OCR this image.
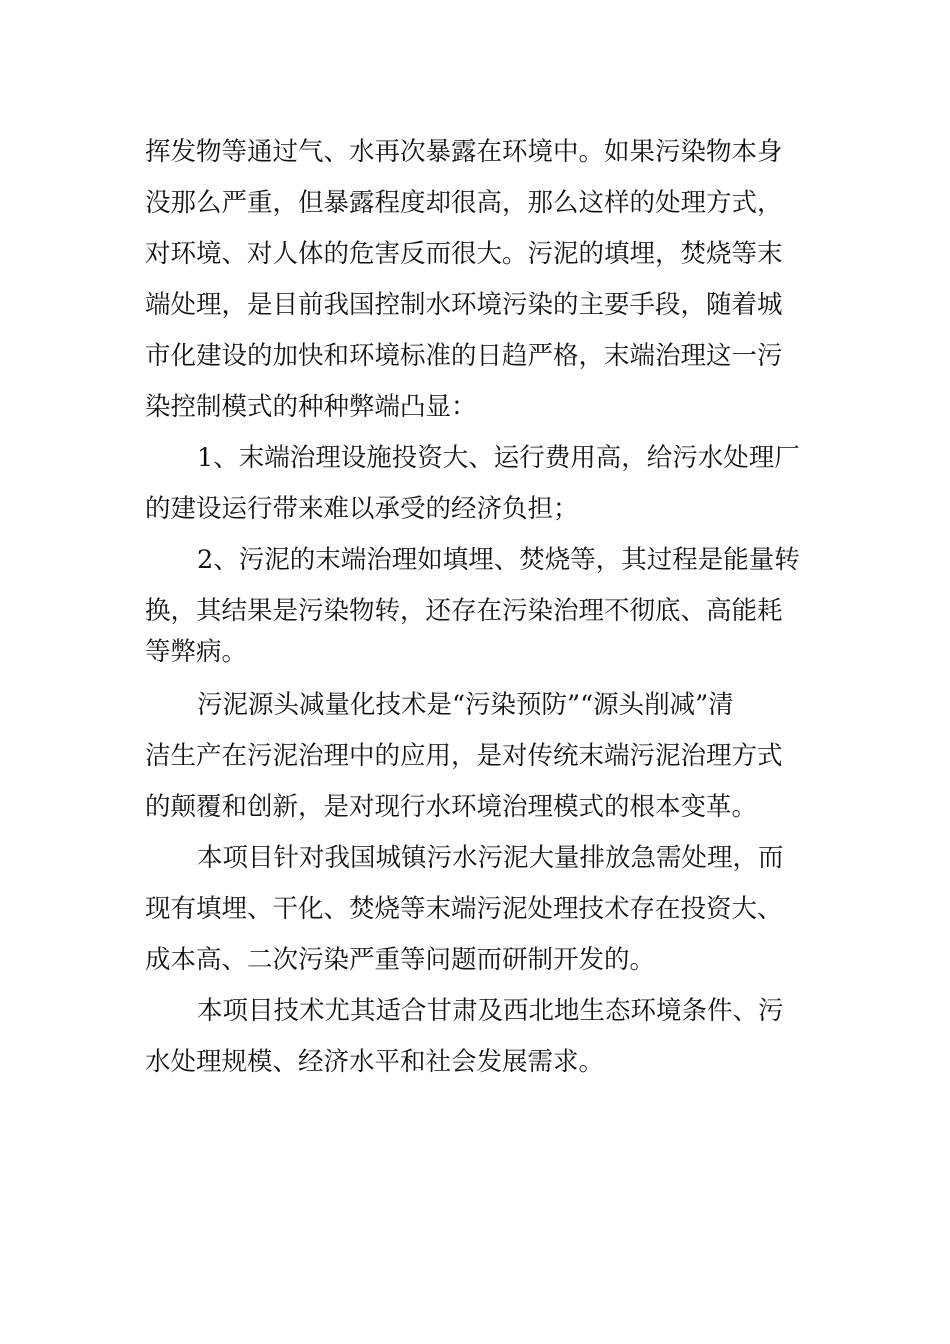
挥发物等通过气、水再次暴露在环境中。如果污染物本身
没那么严重，但暴露程度却很高，那么这样的处理方式，
对环境、对人体的危害反而很大。污泥的填埋，焚烧等末
端处理，是目前我国控制水环境污染的主要手段，随着城
市化建设的加快和环境标准的日趋严格，末端治理这一污
染控制模式的种种弊端凸显：
1、末端治理设施投资大、运行费用高，给污水处理厂
的建设运行带来难以承受的经济负担；
2、污泥的末端治理如填埋、焚烧等，其过程是能量转
换，其结果是污染物转，还存在污染治理不彻底、高能耗
等弊病。
污泥源头减量化技术是“污染预防”“源头削减”清
洁生产在污泥治理中的应用，是对传统末端污泥治理方式
的颠覆和创新，是对现行水环境治理模式的根本变革。
本项目针对我国城镇污水污泥大量排放急需处理，而
现有填埋、干化、焚烧等末端污泥处理技术存在投资大、
成本高、二次污染严重等问题而研制开发的。
本项目技术尤其适合甘肃及西北地生态环境条件、污
水处理规模、经济水平和社会发展需求。
